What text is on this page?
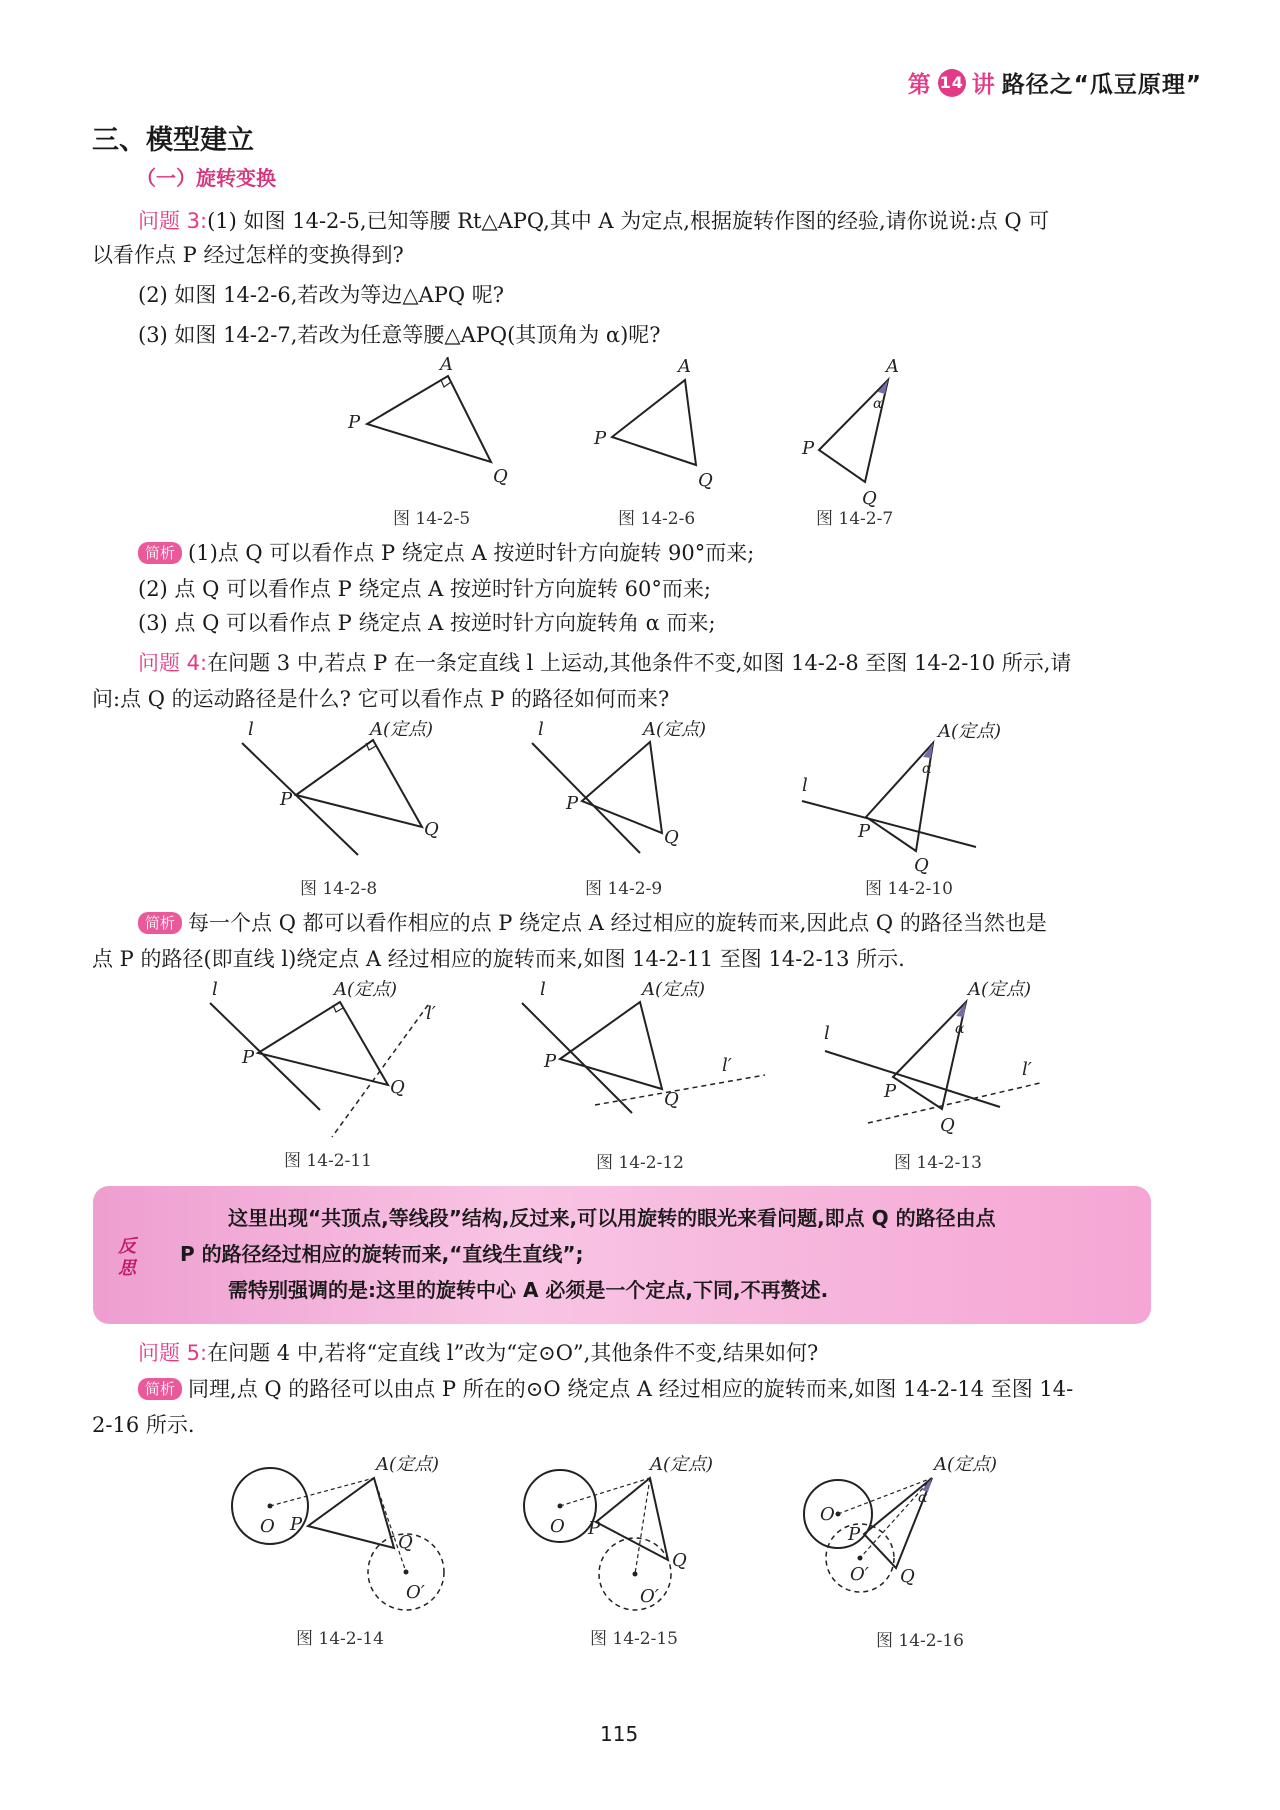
第 14 讲 路径之“瓜豆原理”
三、模型建立
（一）旋转变换
问题 3:(1) 如图 14-2-5,已知等腰 Rt△APQ,其中 A 为定点,根据旋转作图的经验,请你说说:点 Q 可
以看作点 P 经过怎样的变换得到?
(2) 如图 14-2-6,若改为等边△APQ 呢?
(3) 如图 14-2-7,若改为任意等腰△APQ(其顶角为 α)呢?
A
P
Q
A
P
Q
A
α
P
Q
图 14-2-5	图 14-2-6	图 14-2-7
简析 (1)点 Q 可以看作点 P 绕定点 A 按逆时针方向旋转 90°而来;
(2) 点 Q 可以看作点 P 绕定点 A 按逆时针方向旋转 60°而来;
(3) 点 Q 可以看作点 P 绕定点 A 按逆时针方向旋转角 α 而来;
问题 4:在问题 3 中,若点 P 在一条定直线 l 上运动,其他条件不变,如图 14-2-8 至图 14-2-10 所示,请
问:点 Q 的运动路径是什么? 它可以看作点 P 的路径如何而来?
l	A(定点)
P
Q
l	A(定点)
P
Q
l
A(定点)
α
P
Q
图 14-2-8	图 14-2-9	图 14-2-10
简析 每一个点 Q 都可以看作相应的点 P 绕定点 A 经过相应的旋转而来,因此点 Q 的路径当然也是
点 P 的路径(即直线 l)绕定点 A 经过相应的旋转而来,如图 14-2-11 至图 14-2-13 所示.
l	A(定点)
l′
P
Q
l	A(定点)
l′
P
Q
l
A(定点)
α
l′
P
Q
图 14-2-11	图 14-2-12	图 14-2-13
反
思
这里出现“共顶点,等线段”结构,反过来,可以用旋转的眼光来看问题,即点 Q 的路径由点
P 的路径经过相应的旋转而来,“直线生直线”;
需特别强调的是:这里的旋转中心 A 必须是一个定点,下同,不再赘述.
问题 5:在问题 4 中,若将“定直线 l”改为“定⊙O”,其他条件不变,结果如何?
简析 同理,点 Q 的路径可以由点 P 所在的⊙O 绕定点 A 经过相应的旋转而来,如图 14-2-14 至图 14-
2-16 所示.
A(定点)
O P
Q
O′
A(定点)
O P
Q
O′
A(定点)
α
O
P
Q
O′
图 14-2-14	图 14-2-15	图 14-2-16
115
